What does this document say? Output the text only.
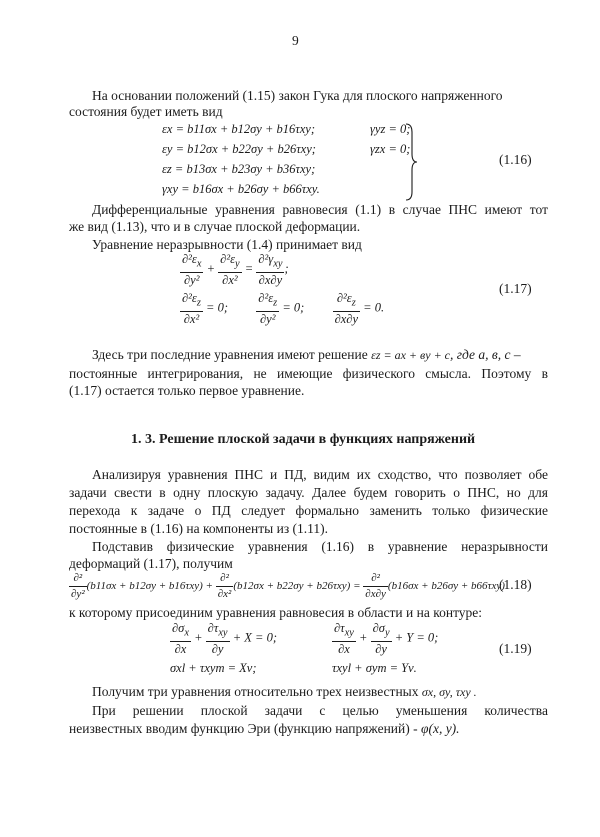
9
На основании положений (1.15) закон Гука для плоского напряженного
состояния будет иметь вид
εx = b11σx + b12σy + b16τxy;
εy = b12σx + b22σy + b26τxy;
εz = b13σx + b23σy + b36τxy;
γxy = b16σx + b26σy + b66τxy.
γyz = 0;
γzx = 0;
(1.16)
Дифференциальные уравнения равновесия (1.1) в случае ПНС имеют тот
же вид (1.13), что и в случае плоской деформации.
Уравнение неразрывности (1.4) принимает вид
$\frac{\partial^2\varepsilon_x}{\text{∂y²}} + \frac{\partial^2\varepsilon_y}{\text{∂x²}} = \frac{\partial^2\gamma_{xy}}{\partial x\partial y}$ ;
$\frac{\partial^2\varepsilon_z}{\text{∂x²}} = 0$; $\frac{\partial^2\varepsilon_z}{\text{∂y²}} = 0$; $\frac{\partial^2\varepsilon_z}{\partial x\partial y} = 0$.
(1.17)
Здесь три последние уравнения имеют решение εz = ax + вy + c, где a, в, c –
постоянные интегрирования, не имеющие физического смысла. Поэтому в
(1.17) остается только первое уравнение.
1. 3. Решение плоской задачи в функциях напряжений
Анализируя уравнения ПНС и ПД, видим их сходство, что позволяет обе
задачи свести в одну плоскую задачу. Далее будем говорить о ПНС, но для
перехода к задаче о ПД следует формально заменить только физические
постоянные в (1.16) на компоненты из (1.11).
Подставив физические уравнения (1.16) в уравнение неразрывности
деформаций (1.17), получим
$\frac{\text{∂²}}{\text{∂y²}} (b11\sigma x + b12\sigma y + b16\tau xy) + \frac{\text{∂²}}{\text{∂x²}} (b12\sigma x + b22\sigma y + b26\tau xy) = \frac{\text{∂²}}{\partial x\partial y} (b16\sigma x + b26\sigma y + b66\tau xy)$
(1.18)
к которому присоединим уравнения равновесия в области и на контуре:
$\frac{\partial\sigma_x}{\partial x} + \frac{\partial\tau_{xy}}{\partial y} + X = 0$;	$\frac{\partial\tau_{xy}}{\partial x} + \frac{\partial\sigma_y}{\partial y} + Y = 0$;
σxl + τxym = Xν;	τxyl + σym = Yν.
(1.19)
Получим три уравнения относительно трех неизвестных σx, σy, τxy .
При решении плоской задачи с целью уменьшения количества
неизвестных вводим функцию Эри (функцию напряжений) - φ(x, y).
